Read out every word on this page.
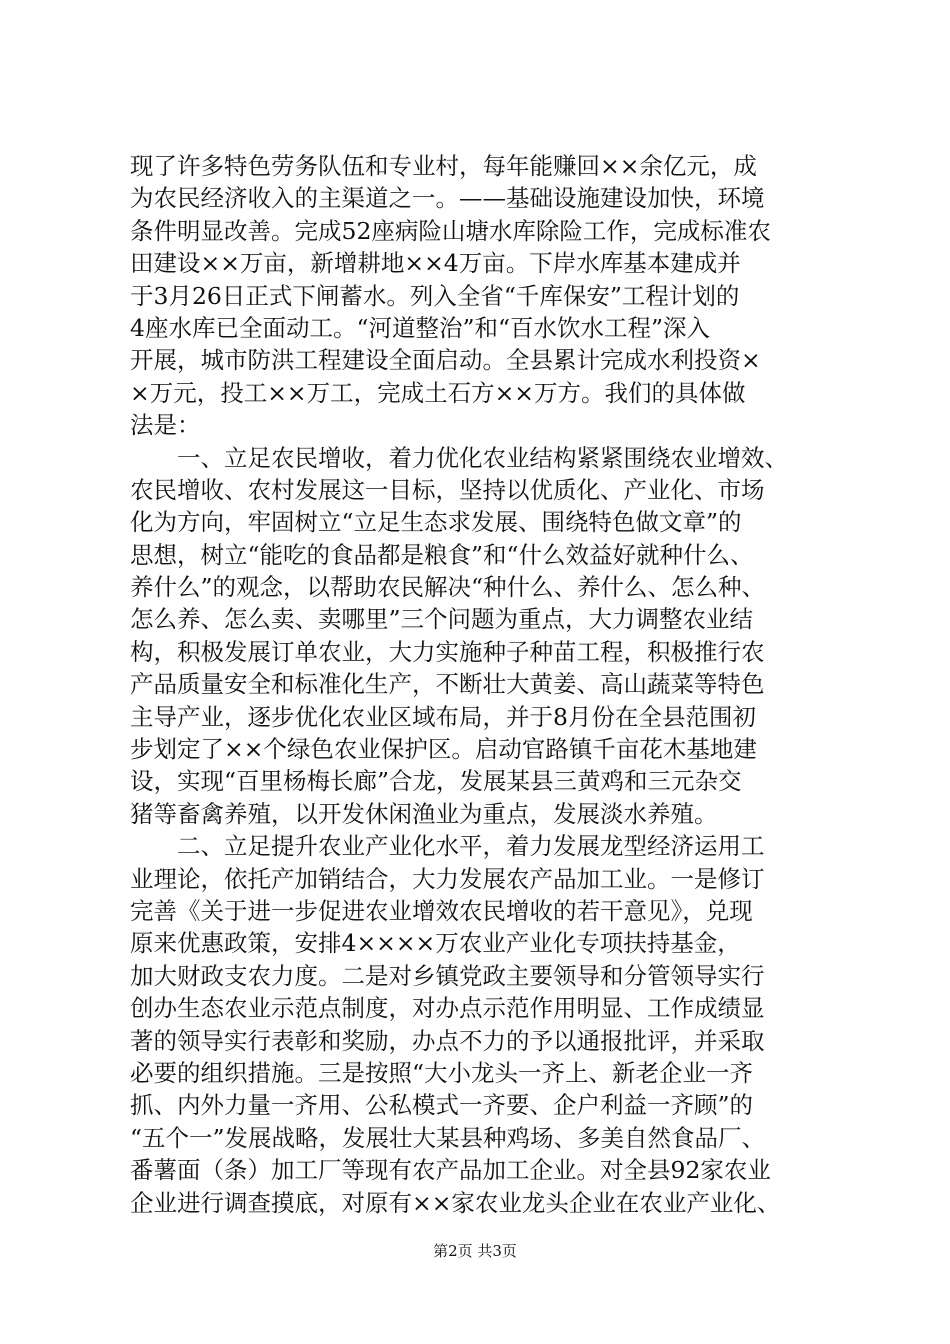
现了许多特色劳务队伍和专业村，每年能赚回××余亿元，成
为农民经济收入的主渠道之一。——基础设施建设加快，环境
条件明显改善。完成52座病险山塘水库除险工作，完成标准农
田建设××万亩，新增耕地××4万亩。下岸水库基本建成并
于3月26日正式下闸蓄水。列入全省“千库保安”工程计划的
4座水库已全面动工。“河道整治”和“百水饮水工程”深入
开展，城市防洪工程建设全面启动。全县累计完成水利投资×
×万元，投工××万工，完成土石方××万方。我们的具体做
法是：
一、立足农民增收，着力优化农业结构紧紧围绕农业增效、
农民增收、农村发展这一目标，坚持以优质化、产业化、市场
化为方向，牢固树立“立足生态求发展、围绕特色做文章”的
思想，树立“能吃的食品都是粮食”和“什么效益好就种什么、
养什么”的观念，以帮助农民解决“种什么、养什么、怎么种、
怎么养、怎么卖、卖哪里”三个问题为重点，大力调整农业结
构，积极发展订单农业，大力实施种子种苗工程，积极推行农
产品质量安全和标准化生产，不断壮大黄姜、高山蔬菜等特色
主导产业，逐步优化农业区域布局，并于8月份在全县范围初
步划定了××个绿色农业保护区。启动官路镇千亩花木基地建
设，实现“百里杨梅长廊”合龙，发展某县三黄鸡和三元杂交
猪等畜禽养殖，以开发休闲渔业为重点，发展淡水养殖。
二、立足提升农业产业化水平，着力发展龙型经济运用工
业理论，依托产加销结合，大力发展农产品加工业。一是修订
完善《关于进一步促进农业增效农民增收的若干意见》，兑现
原来优惠政策，安排4××××万农业产业化专项扶持基金，
加大财政支农力度。二是对乡镇党政主要领导和分管领导实行
创办生态农业示范点制度，对办点示范作用明显、工作成绩显
著的领导实行表彰和奖励，办点不力的予以通报批评，并采取
必要的组织措施。三是按照“大小龙头一齐上、新老企业一齐
抓、内外力量一齐用、公私模式一齐要、企户利益一齐顾”的
“五个一”发展战略，发展壮大某县种鸡场、多美自然食品厂、
番薯面（条）加工厂等现有农产品加工企业。对全县92家农业
企业进行调查摸底，对原有××家农业龙头企业在农业产业化、
第2页 共3页
